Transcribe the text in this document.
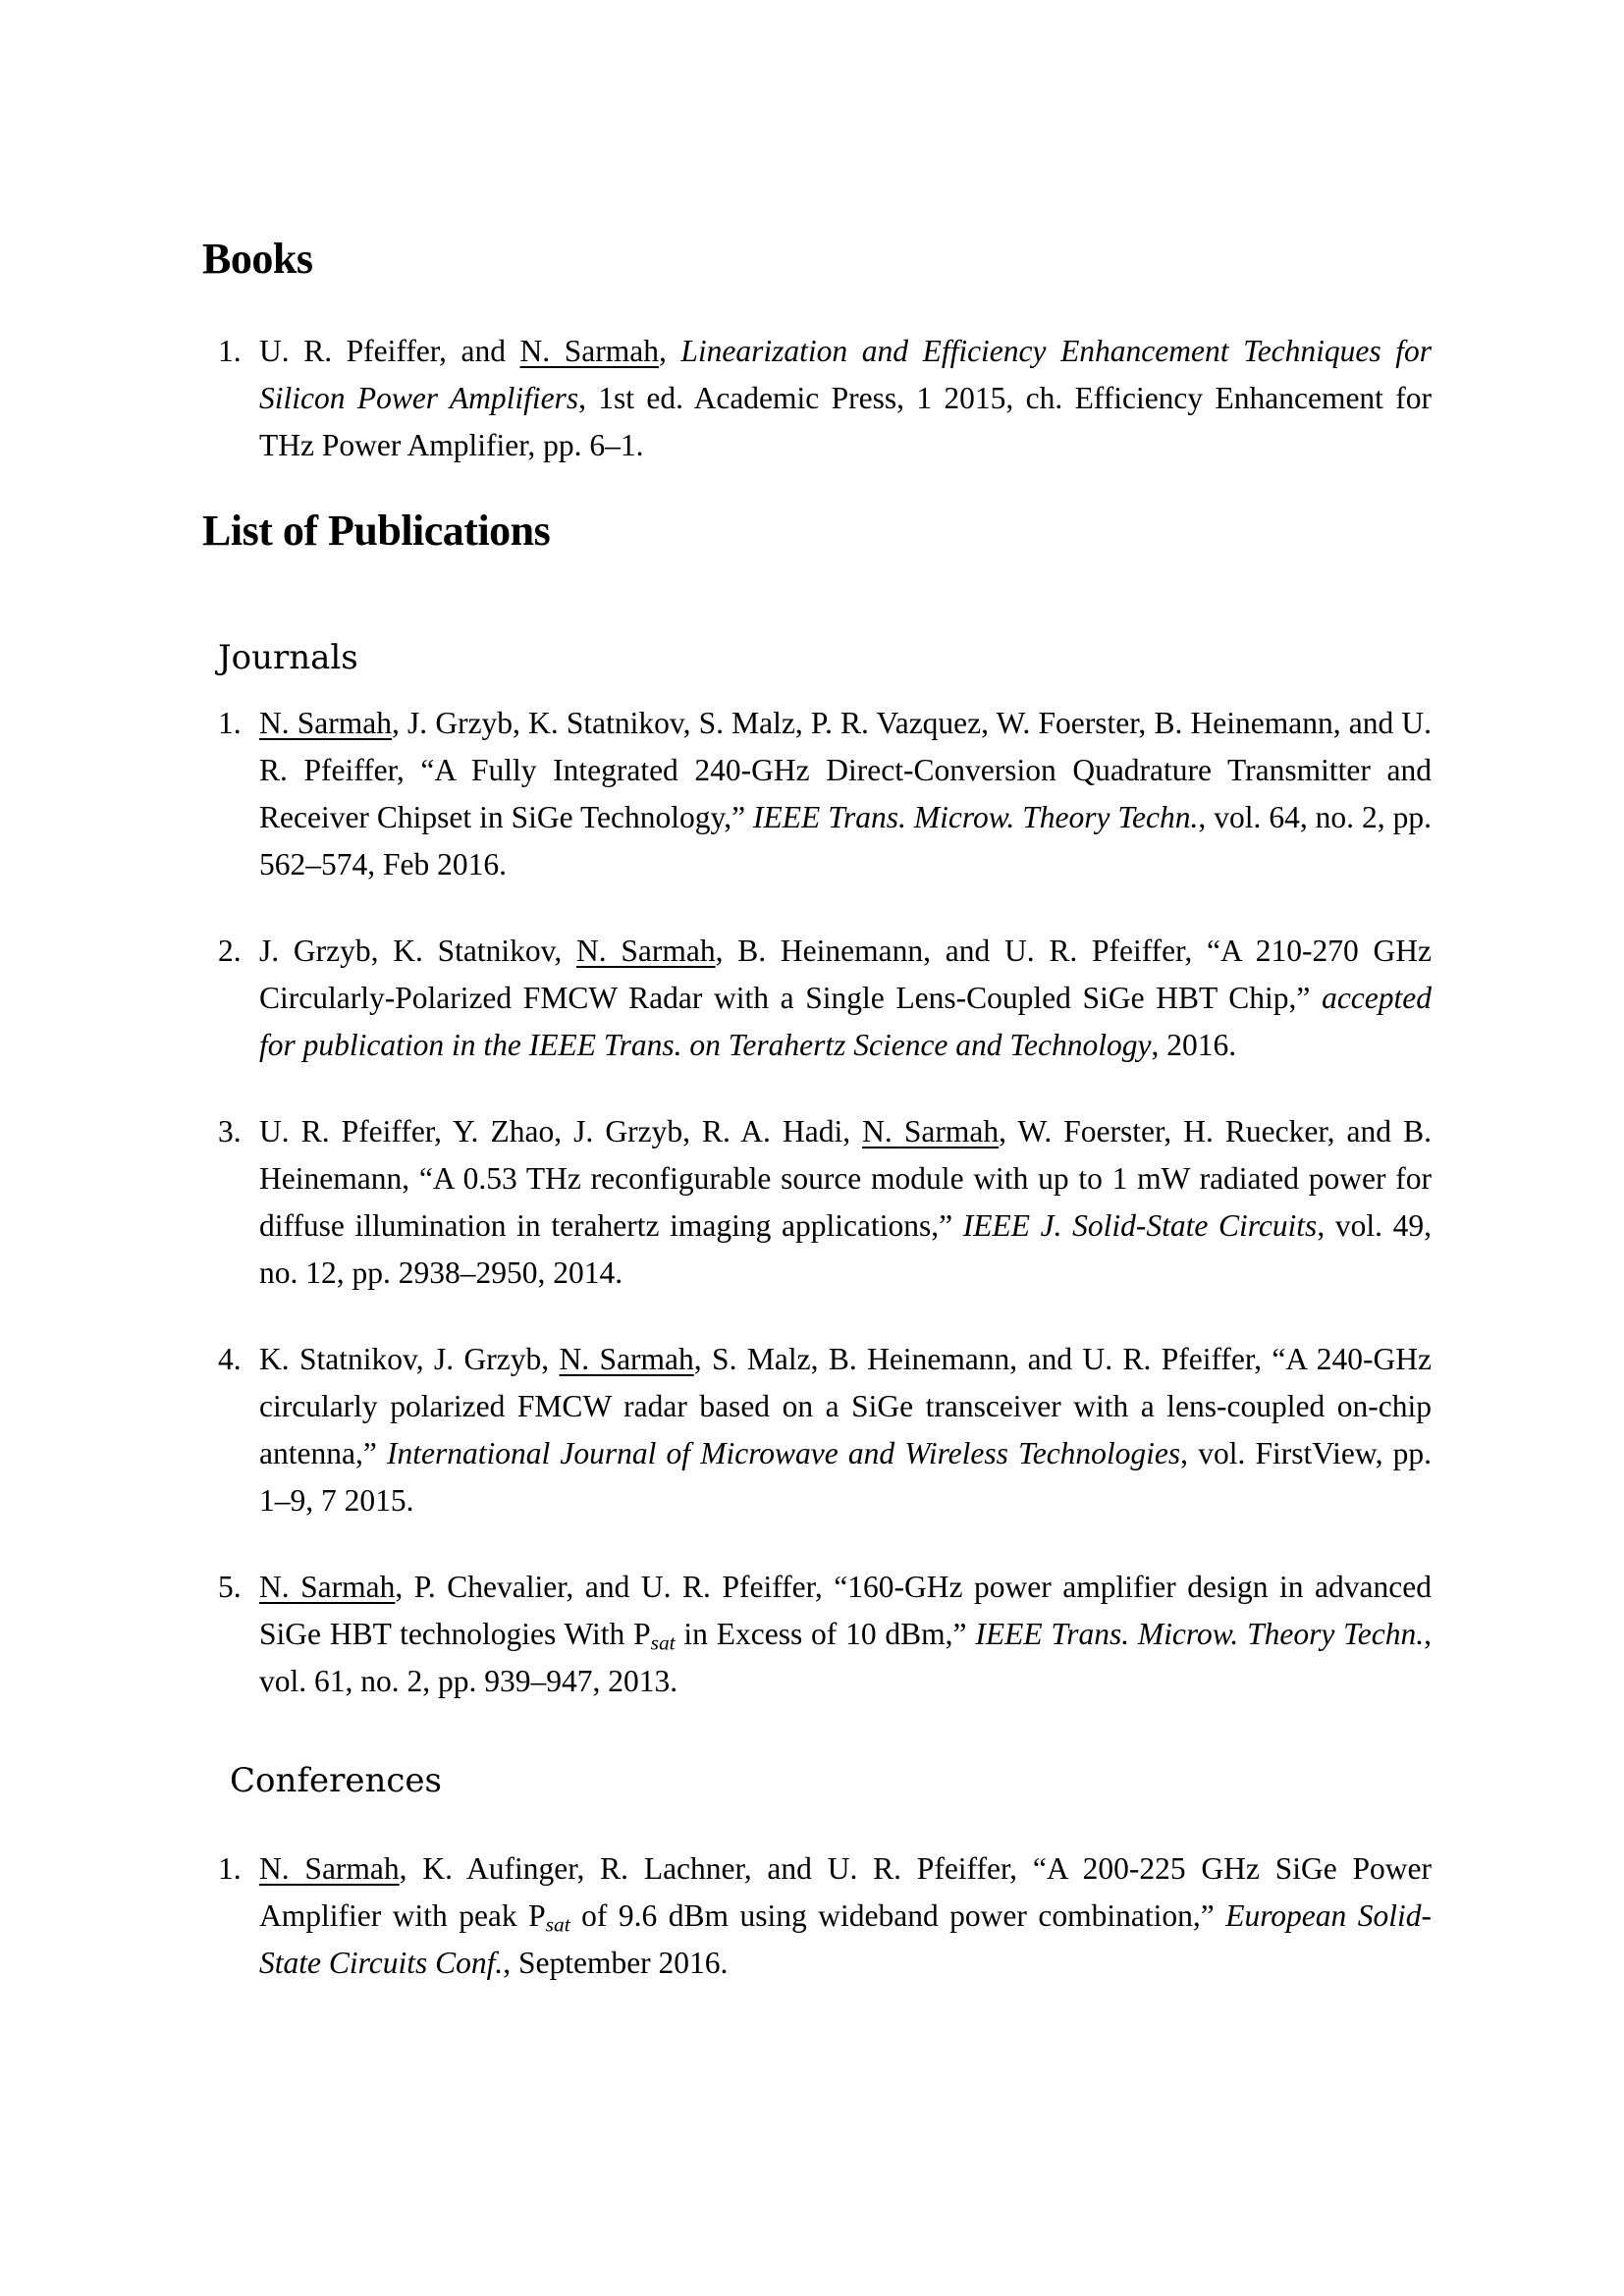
Books
1. U. R. Pfeiffer, and N. Sarmah, Linearization and Efficiency Enhancement Techniques for Silicon Power Amplifiers, 1st ed. Academic Press, 1 2015, ch. Efficiency Enhancement for THz Power Amplifier, pp. 6–1.
List of Publications
Journals
1. N. Sarmah, J. Grzyb, K. Statnikov, S. Malz, P. R. Vazquez, W. Foerster, B. Heinemann, and U. R. Pfeiffer, “A Fully Integrated 240-GHz Direct-Conversion Quadrature Transmitter and Receiver Chipset in SiGe Technology,” IEEE Trans. Microw. Theory Techn., vol. 64, no. 2, pp. 562–574, Feb 2016.
2. J. Grzyb, K. Statnikov, N. Sarmah, B. Heinemann, and U. R. Pfeiffer, “A 210-270 GHz Circularly-Polarized FMCW Radar with a Single Lens-Coupled SiGe HBT Chip,” accepted for publication in the IEEE Trans. on Terahertz Science and Technology, 2016.
3. U. R. Pfeiffer, Y. Zhao, J. Grzyb, R. A. Hadi, N. Sarmah, W. Foerster, H. Ruecker, and B. Heinemann, “A 0.53 THz reconfigurable source module with up to 1 mW radiated power for diffuse illumination in terahertz imaging applications,” IEEE J. Solid-State Circuits, vol. 49, no. 12, pp. 2938–2950, 2014.
4. K. Statnikov, J. Grzyb, N. Sarmah, S. Malz, B. Heinemann, and U. R. Pfeiffer, “A 240-GHz circularly polarized FMCW radar based on a SiGe transceiver with a lens-coupled on-chip antenna,” International Journal of Microwave and Wireless Technologies, vol. FirstView, pp. 1–9, 7 2015.
5. N. Sarmah, P. Chevalier, and U. R. Pfeiffer, “160-GHz power amplifier design in advanced SiGe HBT technologies With $P_{sat}$ in Excess of 10 dBm,” IEEE Trans. Microw. Theory Techn., vol. 61, no. 2, pp. 939–947, 2013.
Conferences
1. N. Sarmah, K. Aufinger, R. Lachner, and U. R. Pfeiffer, “A 200-225 GHz SiGe Power Amplifier with peak $P_{sat}$ of 9.6 dBm using wideband power combination,” European Solid-State Circuits Conf., September 2016.
